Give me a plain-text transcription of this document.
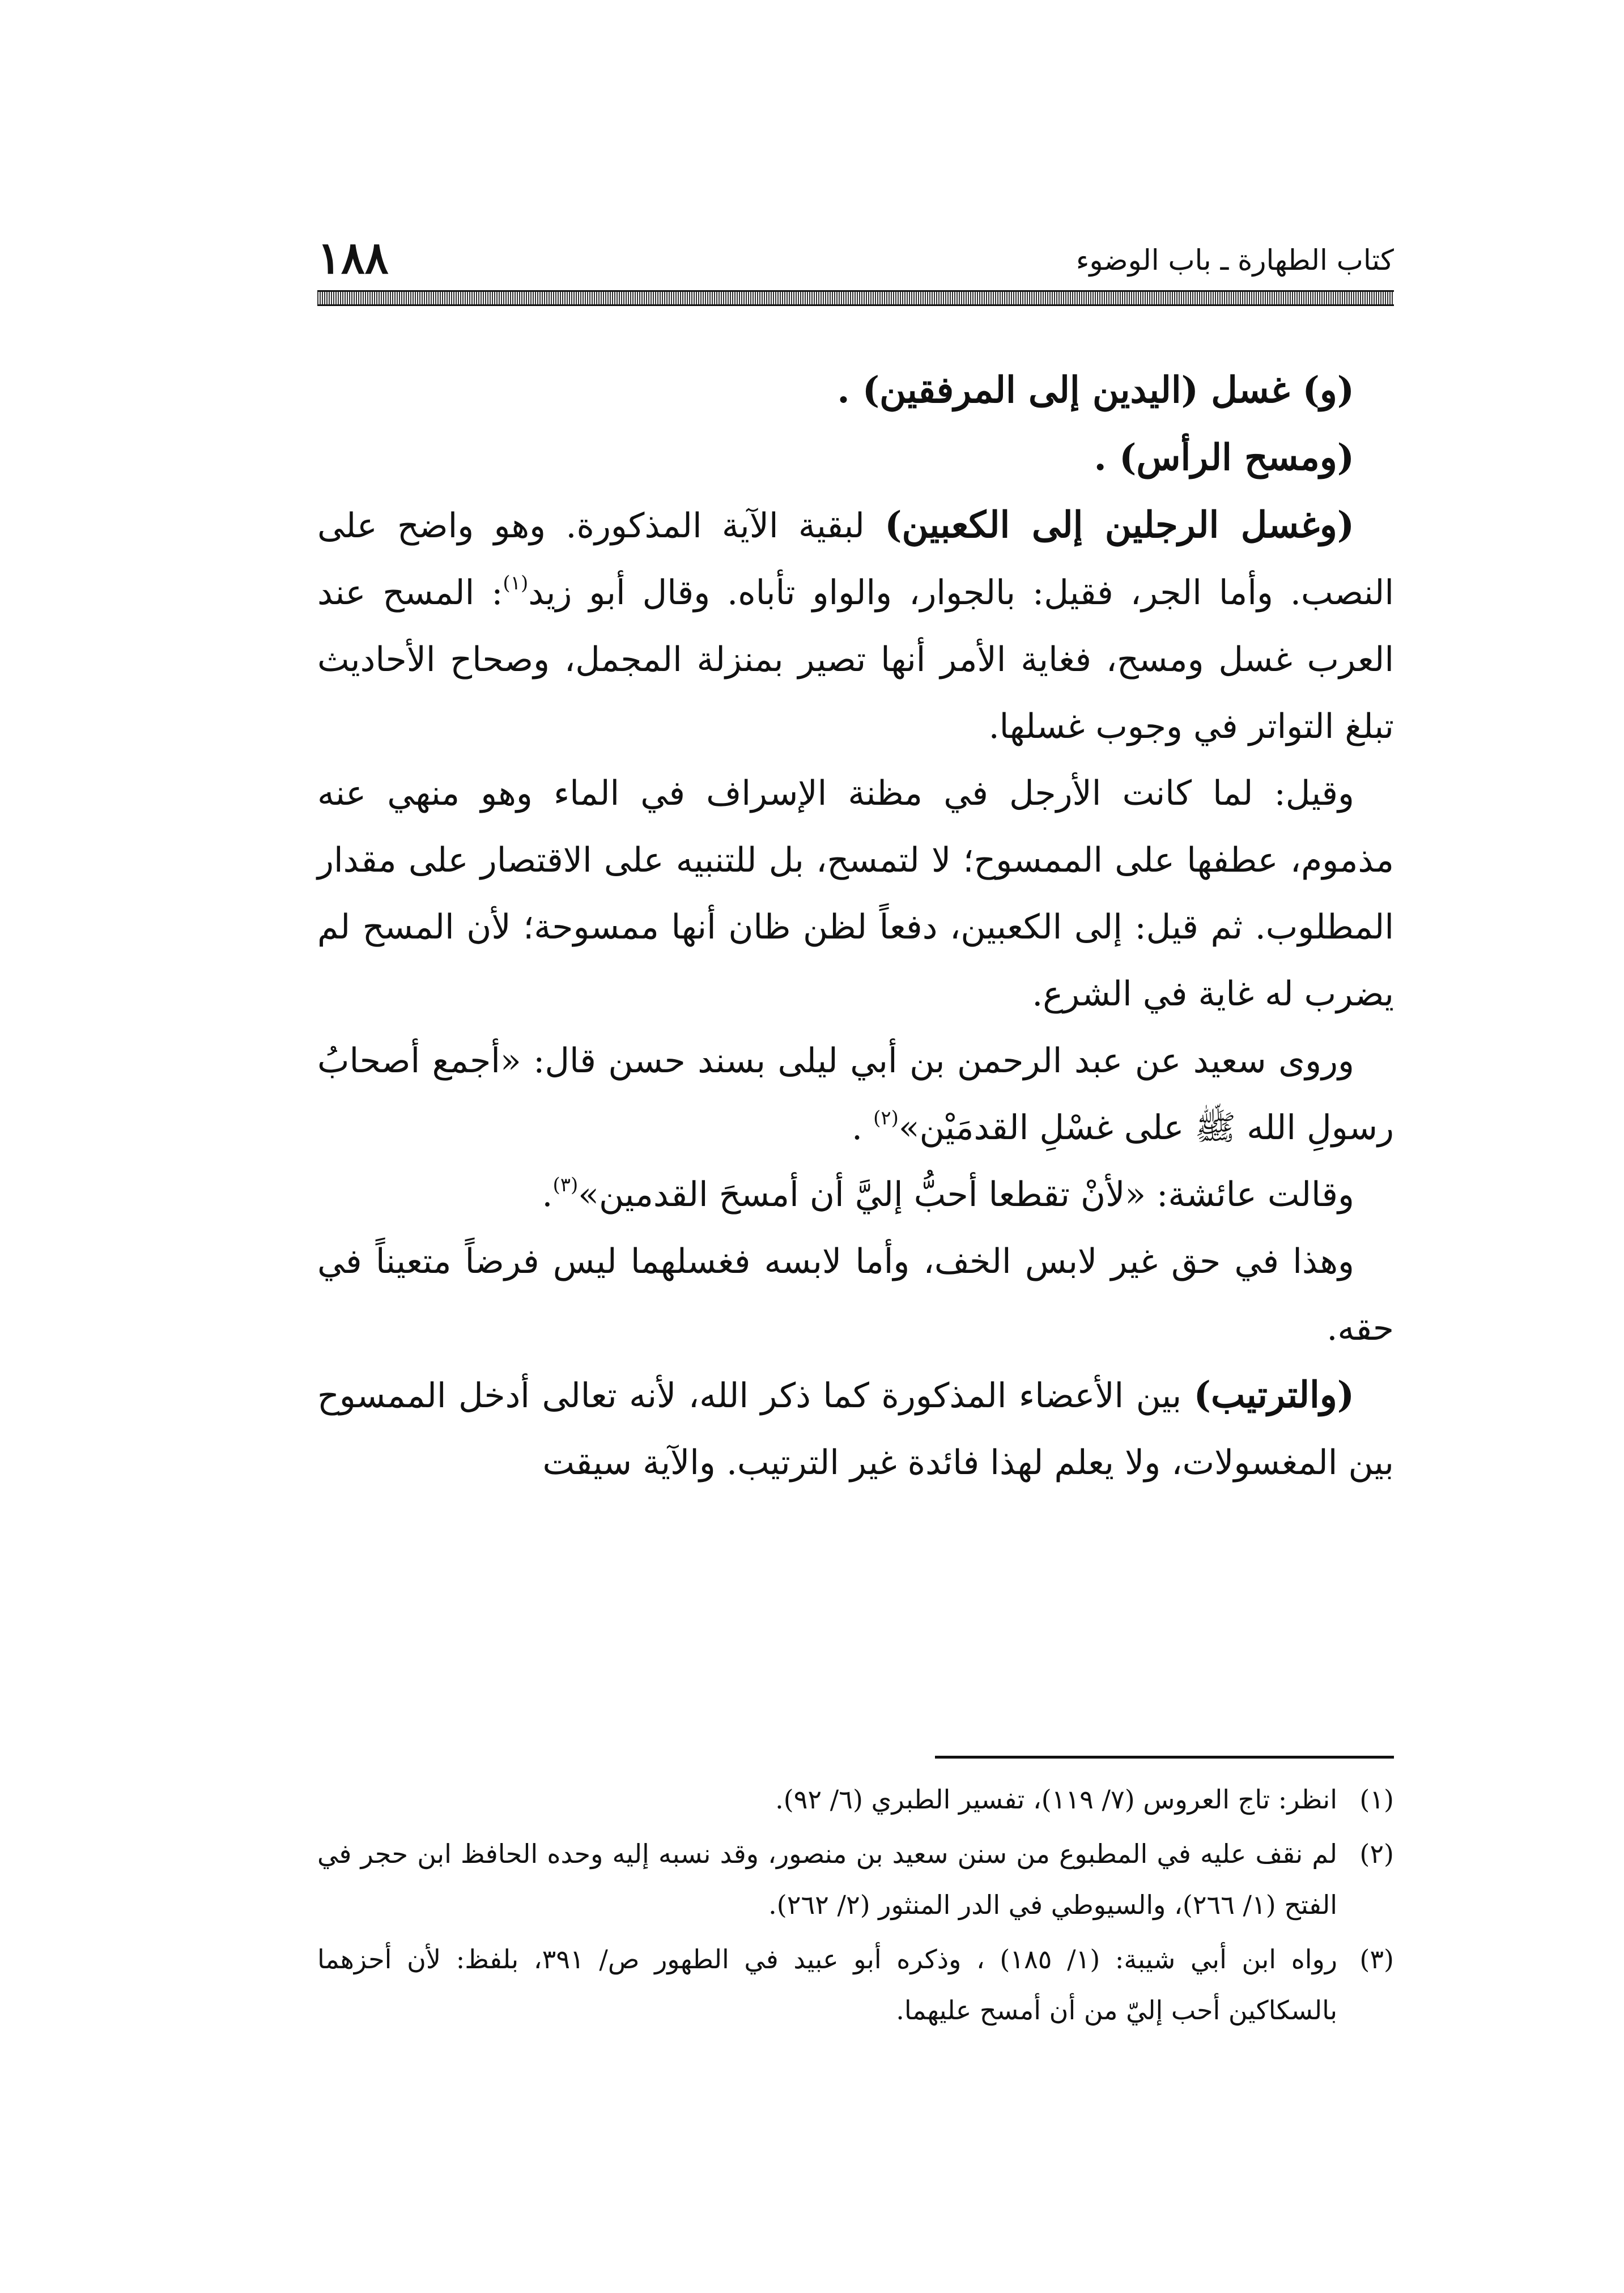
١٨٨	كتاب الطهارة ـ باب الوضوء

(و) غسل (اليدين إلى المرفقين) .

(ومسح الرأس) .

(وغسل الرجلين إلى الكعبين) لبقية الآية المذكورة. وهو واضح على النصب. وأما الجر، فقيل: بالجوار، والواو تأباه. وقال أبو زيد$^{(١)}$: المسح عند العرب غسل ومسح، فغاية الأمر أنها تصير بمنزلة المجمل، وصحاح الأحاديث تبلغ التواتر في وجوب غسلها.

وقيل: لما كانت الأرجل في مظنة الإسراف في الماء وهو منهي عنه مذموم، عطفها على الممسوح؛ لا لتمسح، بل للتنبيه على الاقتصار على مقدار المطلوب. ثم قيل: إلى الكعبين، دفعاً لظن ظان أنها ممسوحة؛ لأن المسح لم يضرب له غاية في الشرع.

وروى سعيد عن عبد الرحمن بن أبي ليلى بسند حسن قال: «أجمع أصحابُ رسولِ الله ﷺ على غسْلِ القدمَيْن»$^{(٢)}$ .

وقالت عائشة: «لأنْ تقطعا أحبُّ إليَّ أن أمسحَ القدمين»$^{(٣)}$.

وهذا في حق غير لابس الخف، وأما لابسه فغسلهما ليس فرضاً متعيناً في حقه.

(والترتيب) بين الأعضاء المذكورة كما ذكر الله، لأنه تعالى أدخل الممسوح بين المغسولات، ولا يعلم لهذا فائدة غير الترتيب. والآية سيقت

(١)
انظر: تاج العروس (٧/ ١١٩)، تفسير الطبري (٦/ ٩٢).
(٢)
لم نقف عليه في المطبوع من سنن سعيد بن منصور، وقد نسبه إليه وحده الحافظ ابن حجر في الفتح (١/ ٢٦٦)، والسيوطي في الدر المنثور (٢/ ٢٦٢).
(٣)
رواه ابن أبي شيبة: (١/ ١٨٥) ، وذكره أبو عبيد في الطهور ص/ ٣٩١، بلفظ: لأن أحزهما بالسكاكين أحب إليّ من أن أمسح عليهما.
